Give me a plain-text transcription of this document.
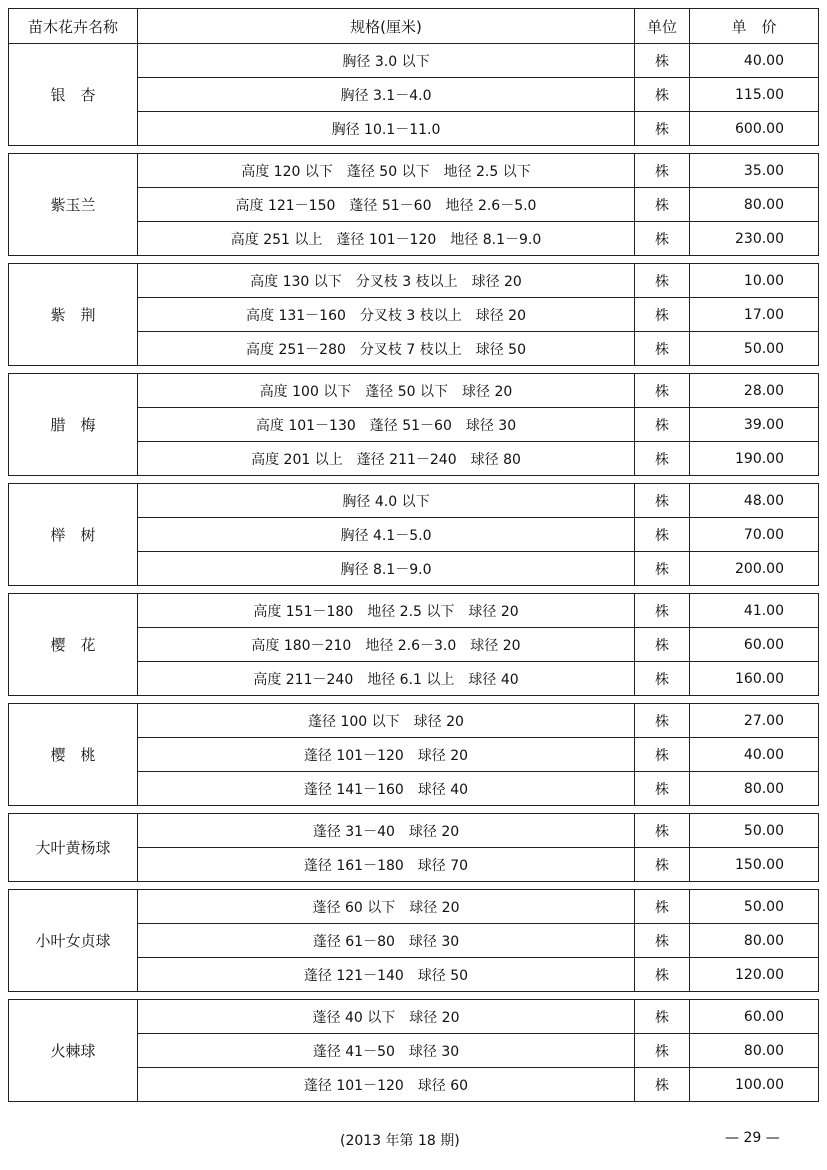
苗木花卉名称	规格(厘米)	单位	单　价
银　杏	胸径 3.0 以下	株	40.00
	胸径 3.1－4.0	株	115.00
	胸径 10.1－11.0	株	600.00

紫玉兰	高度 120 以下　蓬径 50 以下　地径 2.5 以下	株	35.00
	高度 121－150　蓬径 51－60　地径 2.6－5.0	株	80.00
	高度 251 以上　蓬径 101－120　地径 8.1－9.0	株	230.00

紫　荆	高度 130 以下　分叉枝 3 枝以上　球径 20	株	10.00
	高度 131－160　分叉枝 3 枝以上　球径 20	株	17.00
	高度 251－280　分叉枝 7 枝以上　球径 50	株	50.00

腊　梅	高度 100 以下　蓬径 50 以下　球径 20	株	28.00
	高度 101－130　蓬径 51－60　球径 30	株	39.00
	高度 201 以上　蓬径 211－240　球径 80	株	190.00

榉　树	胸径 4.0 以下	株	48.00
	胸径 4.1－5.0	株	70.00
	胸径 8.1－9.0	株	200.00

樱　花	高度 151－180　地径 2.5 以下　球径 20	株	41.00
	高度 180－210　地径 2.6－3.0　球径 20	株	60.00
	高度 211－240　地径 6.1 以上　球径 40	株	160.00

樱　桃	蓬径 100 以下　球径 20	株	27.00
	蓬径 101－120　球径 20	株	40.00
	蓬径 141－160　球径 40	株	80.00

大叶黄杨球	蓬径 31－40　球径 20	株	50.00
	蓬径 161－180　球径 70	株	150.00

小叶女贞球	蓬径 60 以下　球径 20	株	50.00
	蓬径 61－80　球径 30	株	80.00
	蓬径 121－140　球径 50	株	120.00

火棘球	蓬径 40 以下　球径 20	株	60.00
	蓬径 41－50　球径 30	株	80.00
	蓬径 101－120　球径 60	株	100.00
(2013 年第 18 期)	— 29 —
